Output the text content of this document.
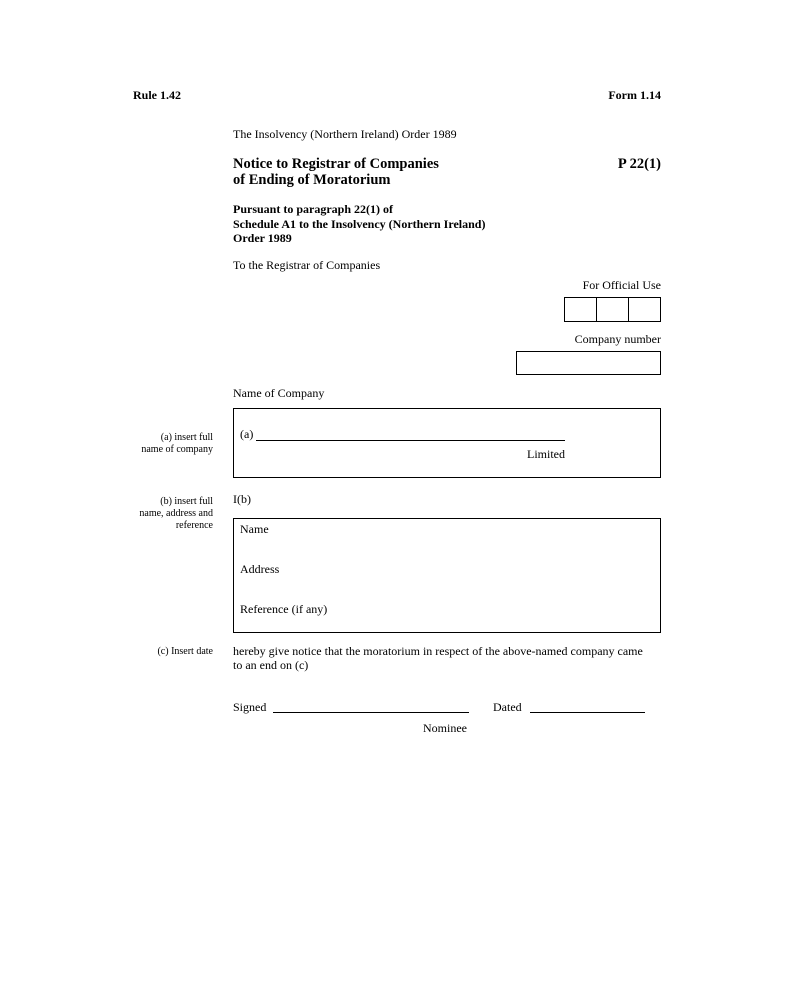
Rule 1.42	Form 1.14
The Insolvency (Northern Ireland) Order 1989
Notice to Registrar of Companies
of Ending of Moratorium
P 22(1)
Pursuant to paragraph 22(1) of
Schedule A1 to the Insolvency (Northern Ireland)
Order 1989
To the Registrar of Companies
For Official Use
Company number
Name of Company
(a)
Limited
(a) insert full
name of company
I(b)
(b) insert full
name, address and
reference Name
Address
Reference (if any)
(c) Insert date hereby give notice that the moratorium in respect of the above-named company came
to an end on (c)
Signed	Dated
Nominee
